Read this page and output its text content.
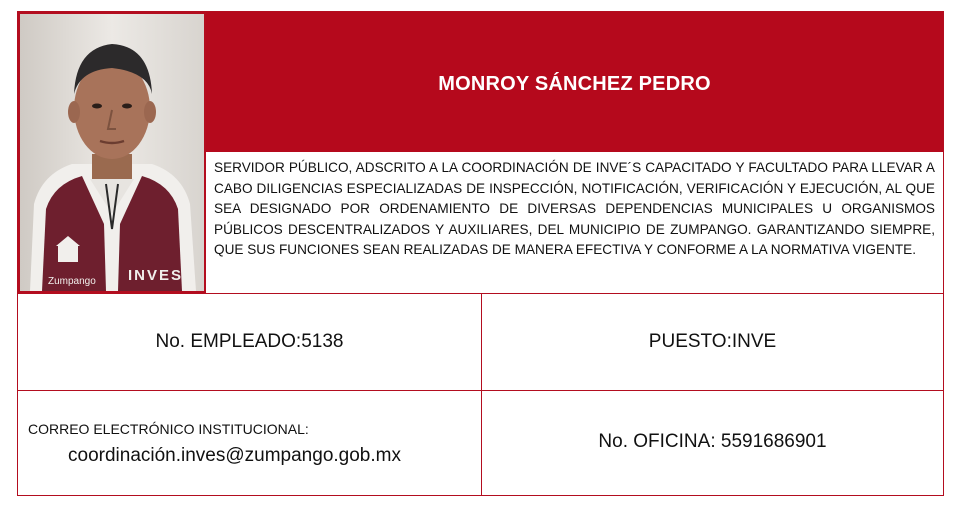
Zumpango INVES
MONROY SÁNCHEZ PEDRO
SERVIDOR PÚBLICO, ADSCRITO A LA COORDINACIÓN DE INVE´S CAPACITADO Y FACULTADO PARA LLEVAR A CABO DILIGENCIAS ESPECIALIZADAS DE INSPECCIÓN, NOTIFICACIÓN, VERIFICACIÓN Y EJECUCIÓN, AL QUE SEA DESIGNADO POR ORDENAMIENTO DE DIVERSAS DEPENDENCIAS MUNICIPALES U ORGANISMOS PÚBLICOS DESCENTRALIZADOS Y AUXILIARES, DEL MUNICIPIO DE ZUMPANGO. GARANTIZANDO SIEMPRE, QUE SUS FUNCIONES SEAN REALIZADAS DE MANERA EFECTIVA Y CONFORME A LA NORMATIVA VIGENTE.
No. EMPLEADO:5138	PUESTO:INVE
CORREO ELECTRÓNICO INSTITUCIONAL:
coordinación.inves@zumpango.gob.mx
No. OFICINA: 5591686901
